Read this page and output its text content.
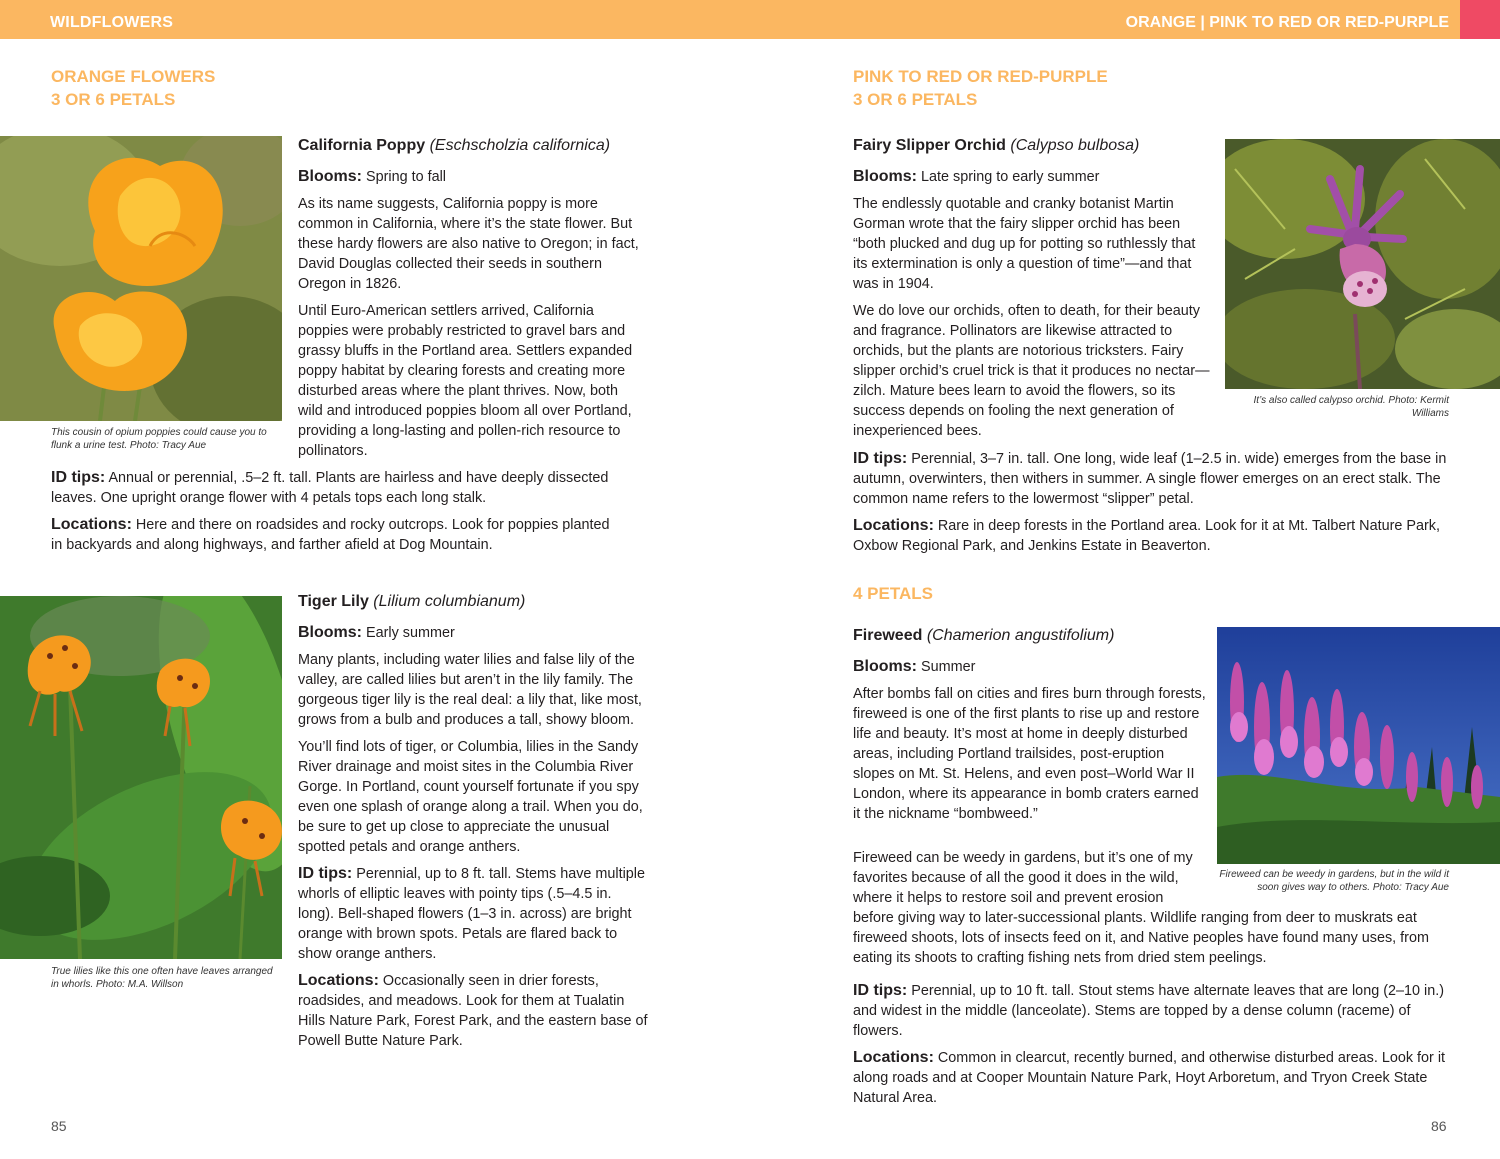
WILDFLOWERS	ORANGE | PINK TO RED OR RED-PURPLE
ORANGE FLOWERS
3 OR 6 PETALS
This cousin of opium poppies could cause you to flunk a urine test. Photo: Tracy Aue
California Poppy (Eschscholzia californica)

Blooms: Spring to fall

As its name suggests, California poppy is more common in California, where it’s the state flower. But these hardy flowers are also native to Oregon; in fact, David Douglas collected their seeds in southern Oregon in 1826.

Until Euro-American settlers arrived, California poppies were probably restricted to gravel bars and grassy bluffs in the Portland area. Settlers expanded poppy habitat by clearing forests and creating more disturbed areas where the plant thrives. Now, both wild and introduced poppies bloom all over Portland, providing a long-lasting and pollen-rich resource to pollinators.

ID tips: Annual or perennial, .5–2 ft. tall. Plants are hairless and have deeply dissected leaves. One upright orange flower with 4 petals tops each long stalk.

Locations: Here and there on roadsides and rocky outcrops. Look for poppies planted in backyards and along highways, and farther afield at Dog Mountain.

True lilies like this one often have leaves arranged in whorls. Photo: M.A. Willson
Tiger Lily (Lilium columbianum)

Blooms: Early summer

Many plants, including water lilies and false lily of the valley, are called lilies but aren’t in the lily family. The gorgeous tiger lily is the real deal: a lily that, like most, grows from a bulb and produces a tall, showy bloom.

You’ll find lots of tiger, or Columbia, lilies in the Sandy River drainage and moist sites in the Columbia River Gorge. In Portland, count yourself fortunate if you spy even one splash of orange along a trail. When you do, be sure to get up close to appreciate the unusual spotted petals and orange anthers.

ID tips: Perennial, up to 8 ft. tall. Stems have multiple whorls of elliptic leaves with pointy tips (.5–4.5 in. long). Bell-shaped flowers (1–3 in. across) are bright orange with brown spots. Petals are flared back to show orange anthers.

Locations: Occasionally seen in drier forests, roadsides, and meadows. Look for them at Tualatin Hills Nature Park, Forest Park, and the eastern base of Powell Butte Nature Park.

85
PINK TO RED OR RED-PURPLE
3 OR 6 PETALS
Fairy Slipper Orchid (Calypso bulbosa)

Blooms: Late spring to early summer

The endlessly quotable and cranky botanist Martin Gorman wrote that the fairy slipper orchid has been “both plucked and dug up for potting so ruthlessly that its extermination is only a question of time”—and that was in 1904.

We do love our orchids, often to death, for their beauty and fragrance. Pollinators are likewise attracted to orchids, but the plants are notorious tricksters. Fairy slipper orchid’s cruel trick is that it produces no nectar—zilch. Mature bees learn to avoid the flowers, so its success depends on fooling the next generation of inexperienced bees.

It’s also called calypso orchid. Photo: Kermit Williams

ID tips: Perennial, 3–7 in. tall. One long, wide leaf (1–2.5 in. wide) emerges from the base in autumn, overwinters, then withers in summer. A single flower emerges on an erect stalk. The common name refers to the lowermost “slipper” petal.

Locations: Rare in deep forests in the Portland area. Look for it at Mt. Talbert Nature Park, Oxbow Regional Park, and Jenkins Estate in Beaverton.

4 PETALS
Fireweed (Chamerion angustifolium)
Fireweed can be weedy in gardens, but in the wild it soon gives way to others. Photo: Tracy Aue

Blooms: Summer

After bombs fall on cities and fires burn through forests, fireweed is one of the first plants to rise up and restore life and beauty. It’s most at home in deeply disturbed areas, including Portland trailsides, post-eruption slopes on Mt. St. Helens, and even post–World War II London, where its appearance in bomb craters earned it the nickname “bombweed.”

Fireweed can be weedy in gardens, but it’s one of my favorites because of all the good it does in the wild, where it helps to restore soil and prevent erosion before giving way to later-successional plants. Wildlife ranging from deer to muskrats eat fireweed shoots, lots of insects feed on it, and Native peoples have found many uses, from eating its shoots to crafting fishing nets from dried stem peelings.

ID tips: Perennial, up to 10 ft. tall. Stout stems have alternate leaves that are long (2–10 in.) and widest in the middle (lanceolate). Stems are topped by a dense column (raceme) of flowers.

Locations: Common in clearcut, recently burned, and otherwise disturbed areas. Look for it along roads and at Cooper Mountain Nature Park, Hoyt Arboretum, and Tryon Creek State Natural Area.

86
